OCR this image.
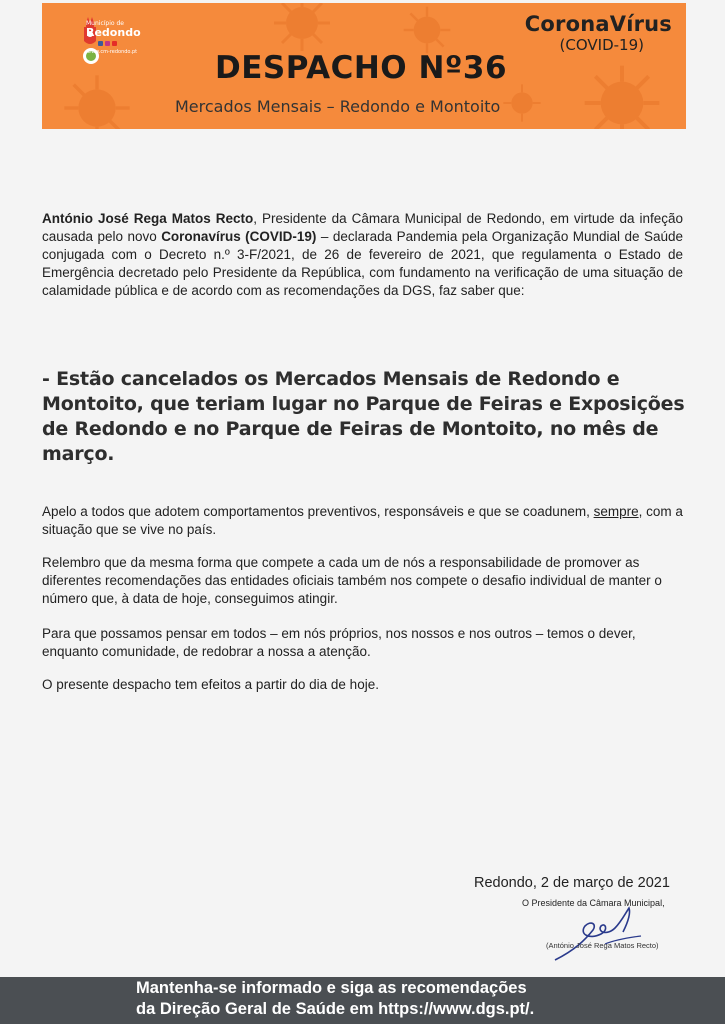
Município de
Redondo
www.cm-redondo.pt
CoronaVírus
(COVID-19)
DESPACHO Nº36
Mercados Mensais – Redondo e Montoito

António José Rega Matos Recto, Presidente da Câmara Municipal de Redondo, em virtude da infeção causada pelo novo Coronavírus (COVID-19) – declarada Pandemia pela Organização Mundial de Saúde conjugada com o Decreto n.º 3-F/2021, de 26 de fevereiro de 2021, que regulamenta o Estado de Emergência decretado pelo Presidente da República, com fundamento na verificação de uma situação de calamidade pública e de acordo com as recomendações da DGS, faz saber que:

- Estão cancelados os Mercados Mensais de Redondo e Montoito, que teriam lugar no Parque de Feiras e Exposições de Redondo e no Parque de Feiras de Montoito, no mês de março.

Apelo a todos que adotem comportamentos preventivos, responsáveis e que se coadunem, sempre, com a situação que se vive no país.

Relembro que da mesma forma que compete a cada um de nós a responsabilidade de promover as diferentes recomendações das entidades oficiais também nos compete o desafio individual de manter o número que, à data de hoje, conseguimos atingir.

Para que possamos pensar em todos – em nós próprios, nos nossos e nos outros – temos o dever, enquanto comunidade, de redobrar a nossa a atenção.

O presente despacho tem efeitos a partir do dia de hoje.

Redondo, 2 de março de 2021
O Presidente da Câmara Municipal,
(António José Rega Matos Recto)
Mantenha-se informado e siga as recomendações
da Direção Geral de Saúde em https://www.dgs.pt/.
